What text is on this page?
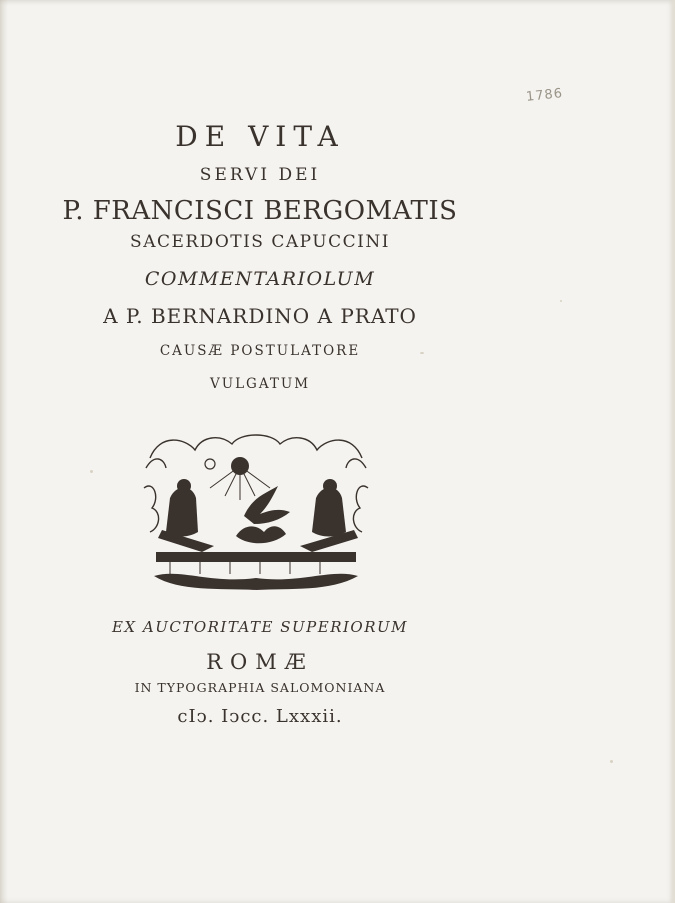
1786
DE VITA
SERVI DEI
P. FRANCISCI BERGOMATIS
SACERDOTIS CAPUCCINI
COMMENTARIOLUM
A P. BERNARDINO A PRATO
CAUSÆ POSTULATORE
VULGATUM
EX AUCTORITATE SUPERIORUM
ROMÆ
IN TYPOGRAPHIA SALOMONIANA
cIↄ. Iↄcc. Lxxxii.
